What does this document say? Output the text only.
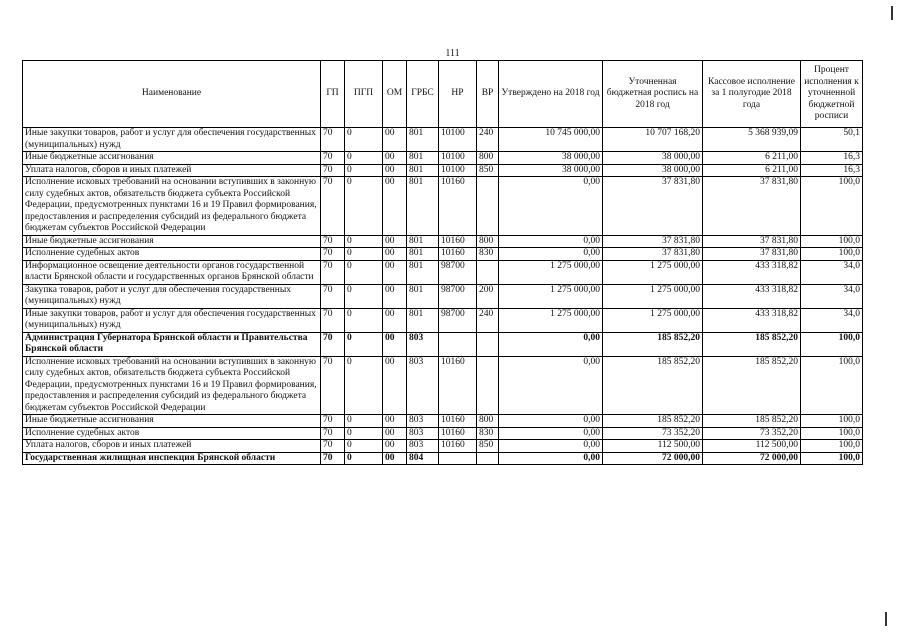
111
Наименование	ГП	ПГП	ОМ	ГРБС	НР	ВР	Утверждено на 2018 год	Уточненная бюджетная роспись на 2018 год	Кассовое исполнение за 1 полугодие 2018 года	Процент исполнения к уточненной бюджетной росписи
Иные закупки товаров, работ и услуг для обеспечения государственных (муниципальных) нужд	70	0	00	801	10100	240	10 745 000,00	10 707 168,20	5 368 939,09	50,1
Иные бюджетные ассигнования	70	0	00	801	10100	800	38 000,00	38 000,00	6 211,00	16,3
Уплата налогов, сборов и иных платежей	70	0	00	801	10100	850	38 000,00	38 000,00	6 211,00	16,3
Исполнение исковых требований на основании вступивших в законную силу судебных актов, обязательств бюджета субъекта Российской Федерации, предусмотренных пунктами 16 и 19 Правил формирования, предоставления и распределения субсидий из федерального бюджета бюджетам субъектов Российской Федерации	70	0	00	801	10160		0,00	37 831,80	37 831,80	100,0
Иные бюджетные ассигнования	70	0	00	801	10160	800	0,00	37 831,80	37 831,80	100,0
Исполнение судебных актов	70	0	00	801	10160	830	0,00	37 831,80	37 831,80	100,0
Информационное освещение деятельности органов государственной власти Брянской области и государственных органов Брянской области	70	0	00	801	98700		1 275 000,00	1 275 000,00	433 318,82	34,0
Закупка товаров, работ и услуг для обеспечения государственных (муниципальных) нужд	70	0	00	801	98700	200	1 275 000,00	1 275 000,00	433 318,82	34,0
Иные закупки товаров, работ и услуг для обеспечения государственных (муниципальных) нужд	70	0	00	801	98700	240	1 275 000,00	1 275 000,00	433 318,82	34,0
Администрация Губернатора Брянской области и Правительства Брянской области	70	0	00	803			0,00	185 852,20	185 852,20	100,0
Исполнение исковых требований на основании вступивших в законную силу судебных актов, обязательств бюджета субъекта Российской Федерации, предусмотренных пунктами 16 и 19 Правил формирования, предоставления и распределения субсидий из федерального бюджета бюджетам субъектов Российской Федерации	70	0	00	803	10160		0,00	185 852,20	185 852,20	100,0
Иные бюджетные ассигнования	70	0	00	803	10160	800	0,00	185 852,20	185 852,20	100,0
Исполнение судебных актов	70	0	00	803	10160	830	0,00	73 352,20	73 352,20	100,0
Уплата налогов, сборов и иных платежей	70	0	00	803	10160	850	0,00	112 500,00	112 500,00	100,0
Государственная жилищная инспекция Брянской области	70	0	00	804			0,00	72 000,00	72 000,00	100,0
